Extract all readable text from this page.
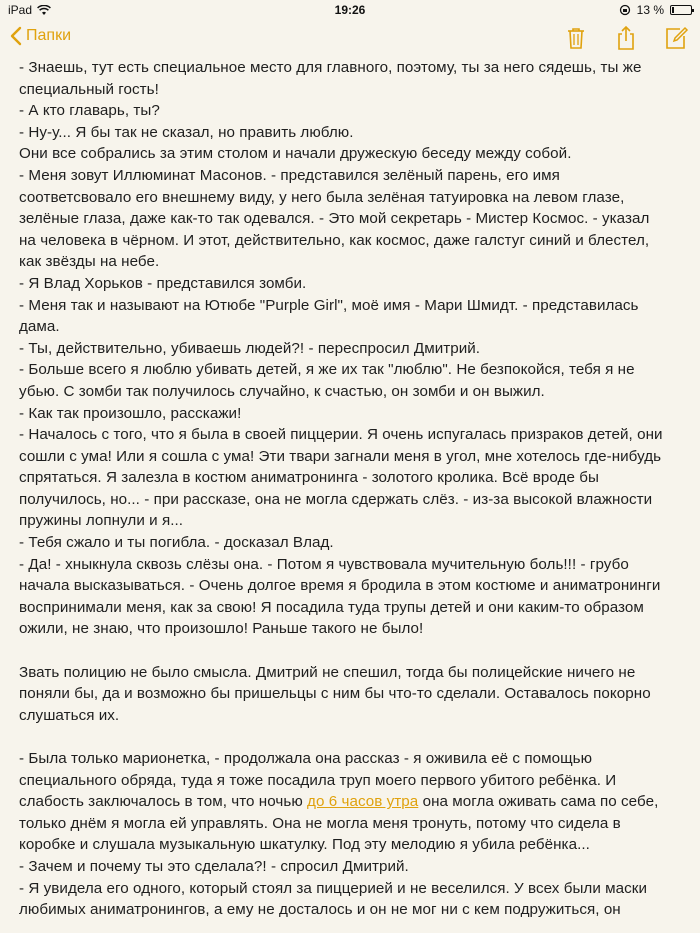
iPad	19:26	13 %
Папки

- Знаешь, тут есть специальное место для главного, поэтому, ты за него сядешь, ты же

специальный гость!

- А кто главарь, ты?

- Ну-у... Я бы так не сказал, но править люблю.

Они все собрались за этим столом и начали дружескую беседу между собой.

- Меня зовут Иллюминат Масонов. - представился зелёный парень, его имя

соответсвовало его внешнему виду, у него была зелёная татуировка на левом глазе,

зелёные глаза, даже как-то так одевался. - Это мой секретарь - Мистер Космос. - указал

на человека в чёрном. И этот, действительно, как космос, даже галстуг синий и блестел,

как звёзды на небе.

- Я Влад Хорьков - представился зомби.

- Меня так и называют на Ютюбе "Purple Girl", моё имя - Мари Шмидт. - представилась

дама.

- Ты, действительно, убиваешь людей?! - переспросил Дмитрий.

- Больше всего я люблю убивать детей, я же их так "люблю". Не безпокойся, тебя я не

убью. С зомби так получилось случайно, к счастью, он зомби и он выжил.

- Как так произошло, расскажи!

- Началось с того, что я была в своей пиццерии. Я очень испугалась призраков детей, они

сошли с ума! Или я сошла с ума! Эти твари загнали меня в угол, мне хотелось где-нибудь

спрятаться. Я залезла в костюм аниматронинга - золотого кролика. Всё вроде бы

получилось, но... - при рассказе, она не могла сдержать слёз. - из-за высокой влажности

пружины лопнули и я...

- Тебя сжало и ты погибла. - досказал Влад.

- Да! - хныкнула сквозь слёзы она. - Потом я чувствовала мучительную боль!!! - грубо

начала высказываться. - Очень долгое время я бродила в этом костюме и аниматронинги

воспринимали меня, как за свою! Я посадила туда трупы детей и они каким-то образом

ожили, не знаю, что произошло! Раньше такого не было!

Звать полицию не было смысла. Дмитрий не спешил, тогда бы полицейские ничего не

поняли бы, да и возможно бы пришельцы с ним бы что-то сделали. Оставалось покорно

слушаться их.

- Была только марионетка, - продолжала она рассказ - я оживила её с помощью

специального обряда, туда я тоже посадила труп моего первого убитого ребёнка. И

слабость заключалось в том, что ночью до 6 часов утра она могла оживать сама по себе,

только днём я могла ей управлять. Она не могла меня тронуть, потому что сидела в

коробке и слушала музыкальную шкатулку. Под эту мелодию я убила ребёнка...

- Зачем и почему ты это сделала?! - спросил Дмитрий.

- Я увидела его одного, который стоял за пиццерией и не веселился. У всех были маски

любимых аниматронингов, а ему не досталось и он не мог ни с кем подружиться, он
